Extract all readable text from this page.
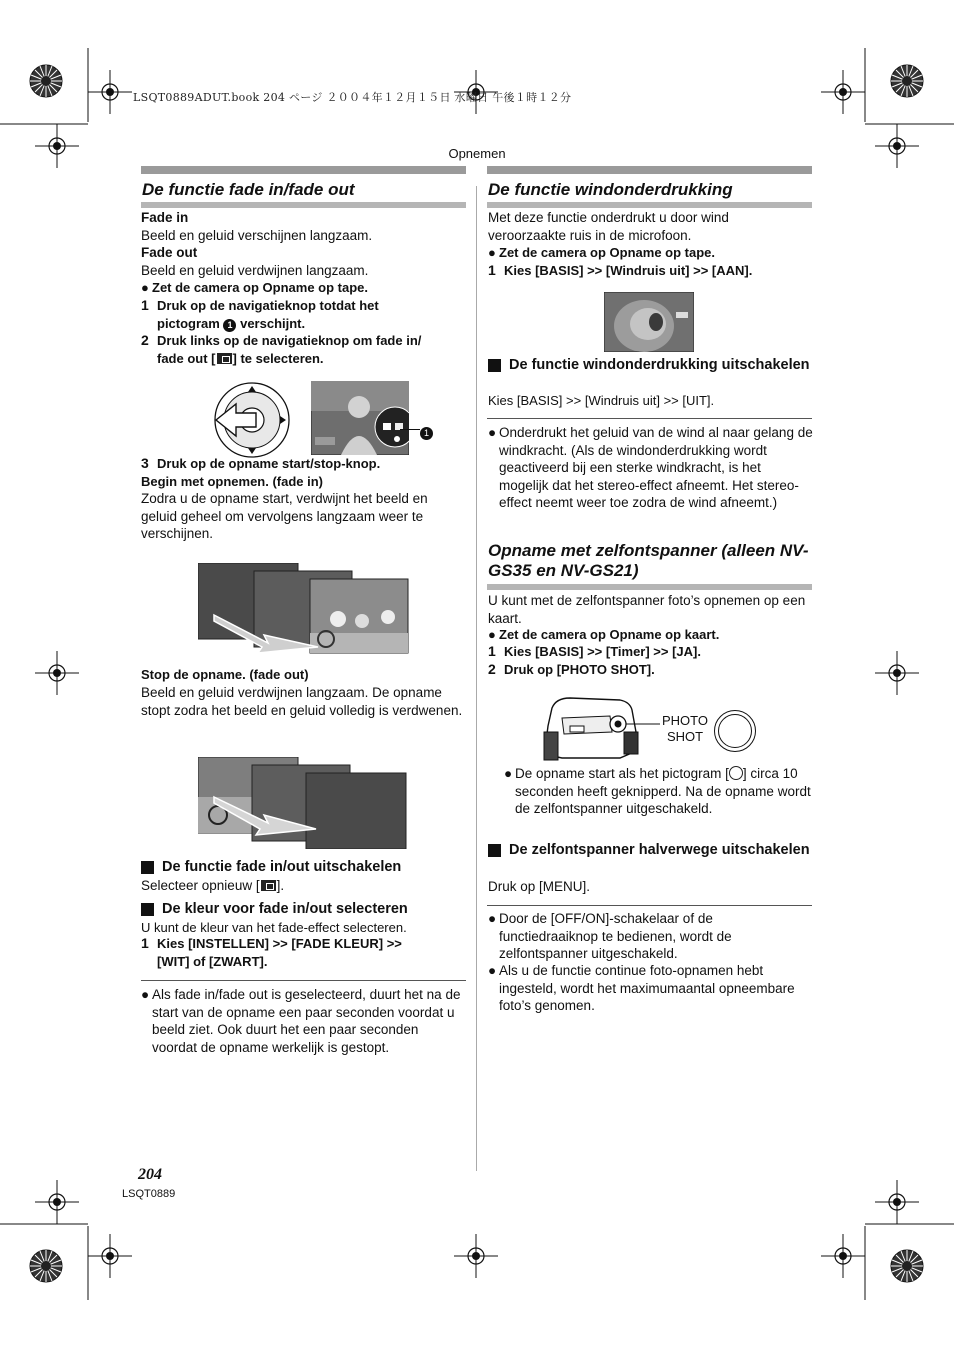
LSQT0889ADUT.book 204 ページ ２００４年１２月１５日 水曜日 午後１時１２分
Opnemen
De functie fade in/fade out
Fade in
Beeld en geluid verschijnen langzaam.
Fade out
Beeld en geluid verdwijnen langzaam.
● Zet de camera op Opname op tape.
1 Druk op de navigatieknop totdat het
pictogram 1 verschijnt.
2 Druk links op de navigatieknop om fade in/
fade out [ ] te selecteren.
1
3 Druk op de opname start/stop-knop.
Begin met opnemen. (fade in)
Zodra u de opname start, verdwijnt het beeld en geluid geheel om vervolgens langzaam weer te verschijnen.
Stop de opname. (fade out)
Beeld en geluid verdwijnen langzaam. De opname stopt zodra het beeld en geluid volledig is verdwenen.
De functie fade in/out uitschakelen
Selecteer opnieuw [ ].
De kleur voor fade in/out selecteren
U kunt de kleur van het fade-effect selecteren.
1 Kies [INSTELLEN] >> [FADE KLEUR] >>
[WIT] of [ZWART].
● Als fade in/fade out is geselecteerd, duurt het na de start van de opname een paar seconden voordat u beeld ziet. Ook duurt het een paar seconden voordat de opname werkelijk is gestopt.
De functie windonderdrukking
Met deze functie onderdrukt u door wind veroorzaakte ruis in de microfoon.
● Zet de camera op Opname op tape.
1 Kies [BASIS] >> [Windruis uit] >> [AAN].
De functie windonderdrukking uitschakelen
Kies [BASIS] >> [Windruis uit] >> [UIT].
● Onderdrukt het geluid van de wind al naar gelang de windkracht. (Als de windonderdrukking wordt geactiveerd bij een sterke windkracht, is het mogelijk dat het stereo-effect afneemt. Het stereo-effect neemt weer toe zodra de wind afneemt.)
Opname met zelfontspanner (alleen NV-GS35 en NV-GS21)
U kunt met de zelfontspanner foto’s opnemen op een kaart.
● Zet de camera op Opname op kaart.
1 Kies [BASIS] >> [Timer] >> [JA].
2 Druk op [PHOTO SHOT].
PHOTO
SHOT
● De opname start als het pictogram [ ] circa 10 seconden heeft geknipperd. Na de opname wordt de zelfontspanner uitgeschakeld.
De zelfontspanner halverwege uitschakelen
Druk op [MENU].
● Door de [OFF/ON]-schakelaar of de functiedraaiknop te bedienen, wordt de zelfontspanner uitgeschakeld.
● Als u de functie continue foto-opnamen hebt ingesteld, wordt het maximumaantal opneembare foto’s genomen.
204
LSQT0889
